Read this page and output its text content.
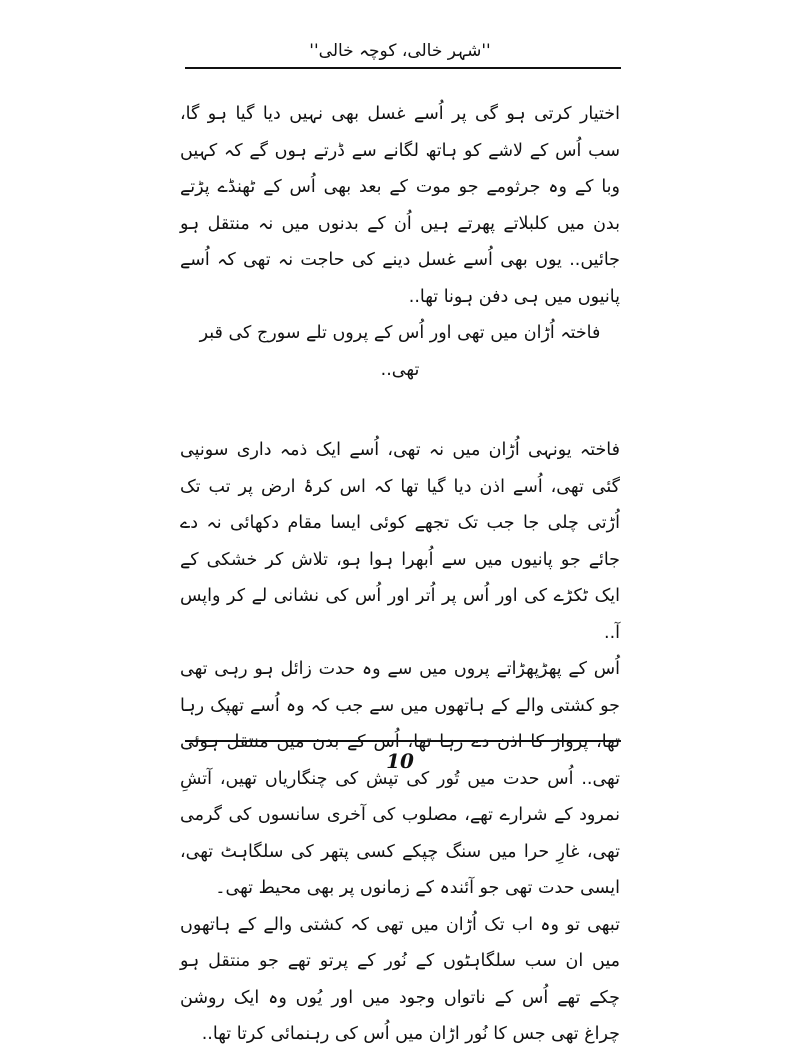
''شہر خالی، کوچہ خالی''

اختیار کرتی ہو گی پر اُسے غسل بھی نہیں دیا گیا ہو گا، سب اُس کے لاشے کو ہاتھ لگانے سے ڈرتے ہوں گے کہ کہیں وبا کے وہ جرثومے جو موت کے بعد بھی اُس کے ٹھنڈے پڑتے بدن میں کلبلاتے پھرتے ہیں اُن کے بدنوں میں نہ منتقل ہو جائیں.. یوں بھی اُسے غسل دینے کی حاجت نہ تھی کہ اُسے پانیوں میں ہی دفن ہونا تھا..

فاختہ اُڑان میں تھی اور اُس کے پروں تلے سورج کی قبر تھی..

فاختہ یونہی اُڑان میں نہ تھی، اُسے ایک ذمہ داری سونپی گئی تھی، اُسے اذن دیا گیا تھا کہ اس کرۂ ارض پر تب تک اُڑتی چلی جا جب تک تجھے کوئی ایسا مقام دکھائی نہ دے جائے جو پانیوں میں سے اُبھرا ہوا ہو، تلاش کر خشکی کے ایک ٹکڑے کی اور اُس پر اُتر اور اُس کی نشانی لے کر واپس آ..

اُس کے پھڑپھڑاتے پروں میں سے وہ حدت زائل ہو رہی تھی جو کشتی والے کے ہاتھوں میں سے جب کہ وہ اُسے تھپک رہا تھا، پرواز کا اذن دے رہا تھا، اُس کے بدن میں منتقل ہوئی تھی.. اُس حدت میں تُور کی تپش کی چنگاریاں تھیں، آتشِ نمرود کے شرارے تھے، مصلوب کی آخری سانسوں کی گرمی تھی، غارِ حرا میں سنگ چپکے کسی پتھر کی سلگاہٹ تھی، ایسی حدت تھی جو آئندہ کے زمانوں پر بھی محیط تھی۔

تبھی تو وہ اب تک اُڑان میں تھی کہ کشتی والے کے ہاتھوں میں ان سب سلگاہٹوں کے نُور کے پرتو تھے جو منتقل ہو چکے تھے اُس کے ناتواں وجود میں اور یُوں وہ ایک روشن چراغ تھی جس کا نُور اڑان میں اُس کی رہنمائی کرتا تھا..

10
